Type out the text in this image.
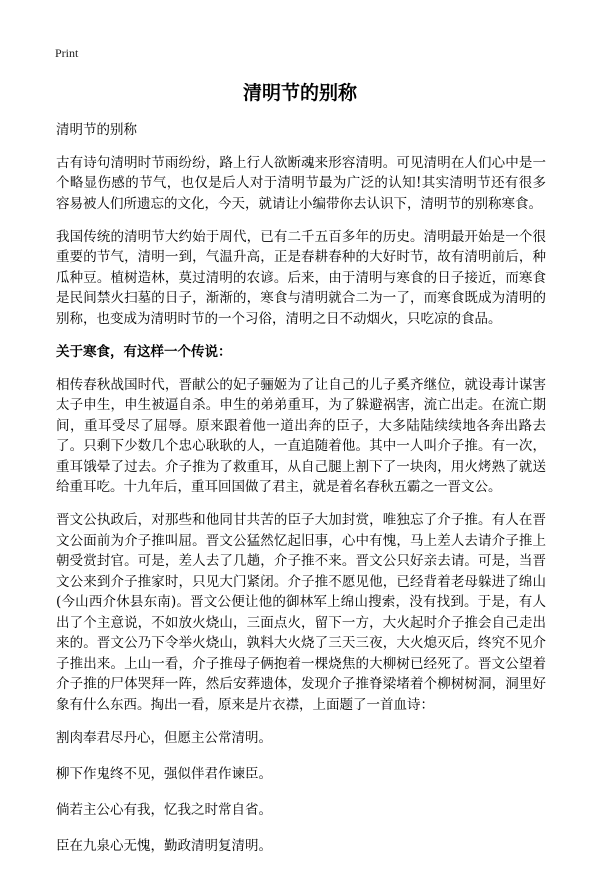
Print
清明节的别称

清明节的别称

古有诗句清明时节雨纷纷，路上行人欲断魂来形容清明。可见清明在人们心中是一个略显伤感的节气，也仅是后人对于清明节最为广泛的认知!其实清明节还有很多容易被人们所遗忘的文化，今天，就请让小编带你去认识下，清明节的别称寒食。

我国传统的清明节大约始于周代，已有二千五百多年的历史。清明最开始是一个很重要的节气，清明一到，气温升高，正是春耕春种的大好时节，故有清明前后，种瓜种豆。植树造林，莫过清明的农谚。后来，由于清明与寒食的日子接近，而寒食是民间禁火扫墓的日子，渐渐的，寒食与清明就合二为一了，而寒食既成为清明的别称，也变成为清明时节的一个习俗，清明之日不动烟火，只吃凉的食品。

关于寒食，有这样一个传说：

相传春秋战国时代，晋献公的妃子骊姬为了让自己的儿子奚齐继位，就设毒计谋害太子申生，申生被逼自杀。申生的弟弟重耳，为了躲避祸害，流亡出走。在流亡期间，重耳受尽了屈辱。原来跟着他一道出奔的臣子，大多陆陆续续地各奔出路去了。只剩下少数几个忠心耿耿的人，一直追随着他。其中一人叫介子推。有一次，重耳饿晕了过去。介子推为了救重耳，从自己腿上割下了一块肉，用火烤熟了就送给重耳吃。十九年后，重耳回国做了君主，就是着名春秋五霸之一晋文公。

晋文公执政后，对那些和他同甘共苦的臣子大加封赏，唯独忘了介子推。有人在晋文公面前为介子推叫屈。晋文公猛然忆起旧事，心中有愧，马上差人去请介子推上朝受赏封官。可是，差人去了几趟，介子推不来。晋文公只好亲去请。可是，当晋文公来到介子推家时，只见大门紧闭。介子推不愿见他，已经背着老母躲进了绵山(今山西介休县东南)。晋文公便让他的御林军上绵山搜索，没有找到。于是，有人出了个主意说，不如放火烧山，三面点火，留下一方，大火起时介子推会自己走出来的。晋文公乃下令举火烧山，孰料大火烧了三天三夜，大火熄灭后，终究不见介子推出来。上山一看，介子推母子俩抱着一棵烧焦的大柳树已经死了。晋文公望着介子推的尸体哭拜一阵，然后安葬遗体，发现介子推脊梁堵着个柳树树洞，洞里好象有什么东西。掏出一看，原来是片衣襟，上面题了一首血诗：

割肉奉君尽丹心，但愿主公常清明。

柳下作鬼终不见，强似伴君作谏臣。

倘若主公心有我，忆我之时常自省。

臣在九泉心无愧，勤政清明复清明。
